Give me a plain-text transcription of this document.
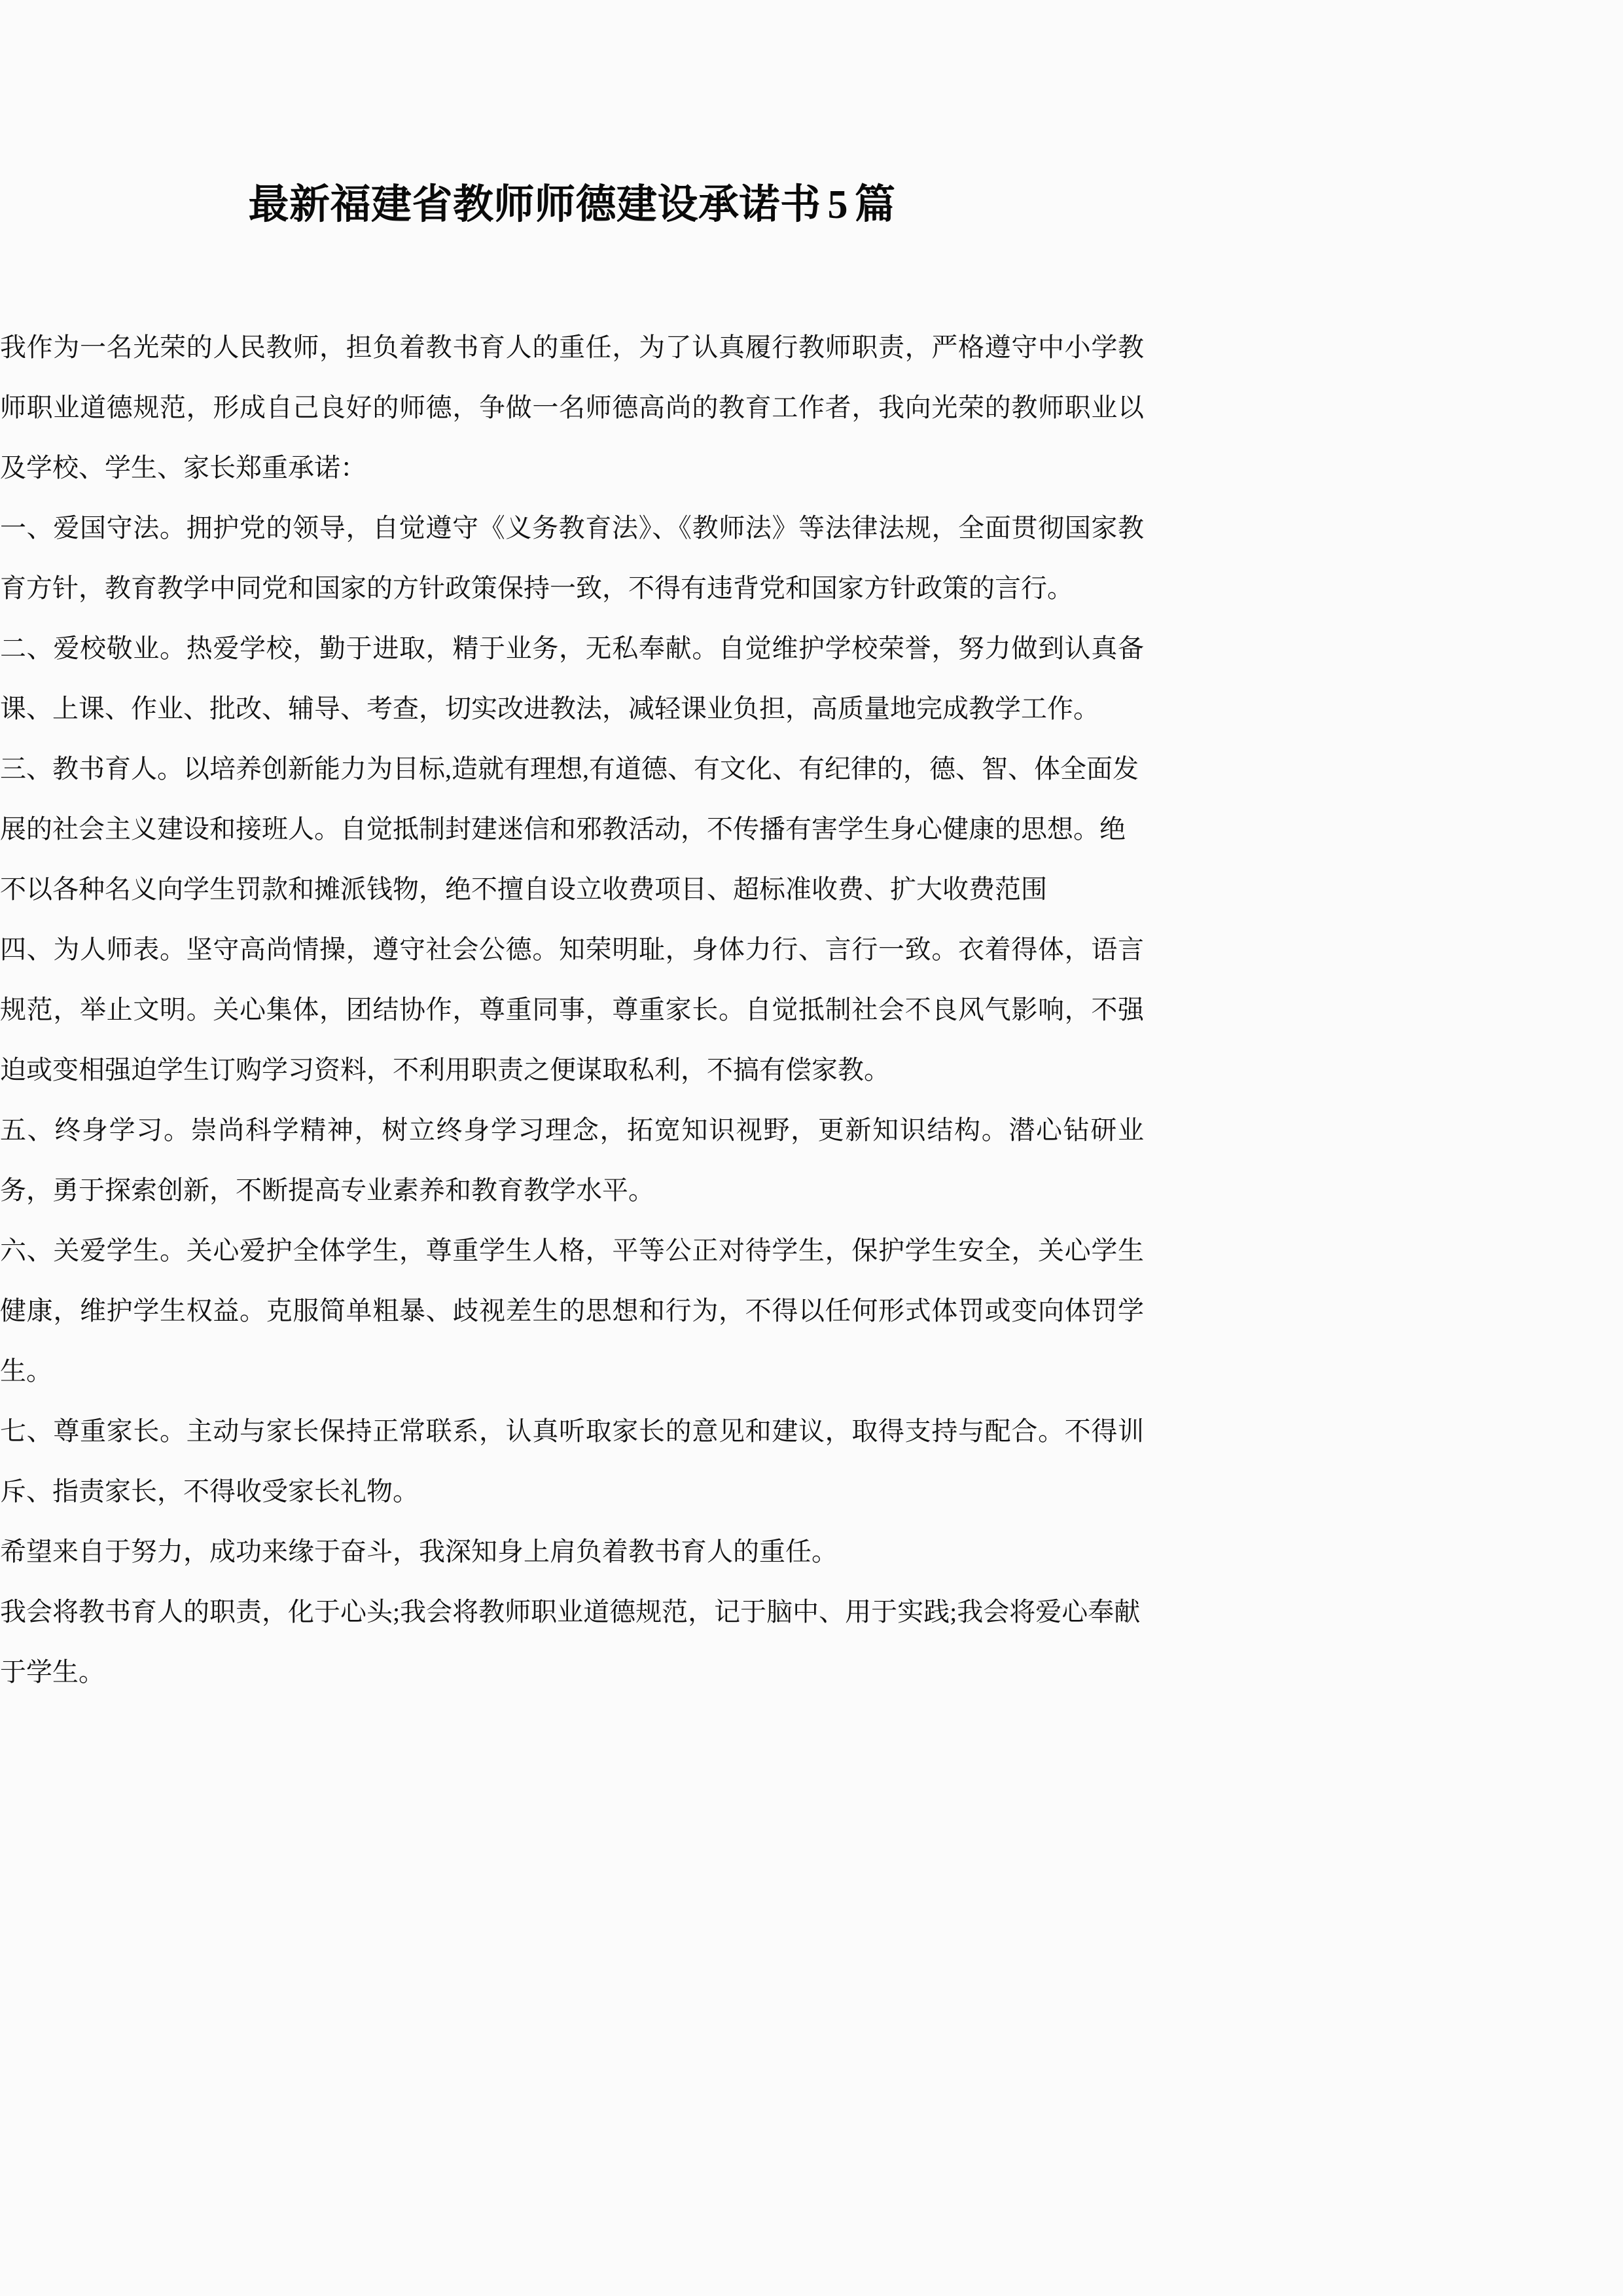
最新福建省教师师德建设承诺书 5 篇

我作为一名光荣的人民教师，担负着教书育人的重任，为了认真履行教师职责，严格遵守中小学教师职业道德规范，形成自己良好的师德，争做一名师德高尚的教育工作者，我向光荣的教师职业以及学校、学生、家长郑重承诺：

一、爱国守法。拥护党的领导，自觉遵守《义务教育法》、《教师法》等法律法规，全面贯彻国家教育方针，教育教学中同党和国家的方针政策保持一致，不得有违背党和国家方针政策的言行。

二、爱校敬业。热爱学校，勤于进取，精于业务，无私奉献。自觉维护学校荣誉，努力做到认真备课、上课、作业、批改、辅导、考查，切实改进教法，减轻课业负担，高质量地完成教学工作。

三、教书育人。以培养创新能力为目标,造就有理想,有道德、有文化、有纪律的，德、智、体全面发展的社会主义建设和接班人。自觉抵制封建迷信和邪教活动，不传播有害学生身心健康的思想。绝不以各种名义向学生罚款和摊派钱物，绝不擅自设立收费项目、超标准收费、扩大收费范围

四、为人师表。坚守高尚情操，遵守社会公德。知荣明耻，身体力行、言行一致。衣着得体，语言规范，举止文明。关心集体，团结协作，尊重同事，尊重家长。自觉抵制社会不良风气影响，不强迫或变相强迫学生订购学习资料，不利用职责之便谋取私利，不搞有偿家教。

五、终身学习。崇尚科学精神，树立终身学习理念，拓宽知识视野，更新知识结构。潜心钻研业务，勇于探索创新，不断提高专业素养和教育教学水平。

六、关爱学生。关心爱护全体学生，尊重学生人格，平等公正对待学生，保护学生安全，关心学生健康，维护学生权益。克服简单粗暴、歧视差生的思想和行为，不得以任何形式体罚或变向体罚学生。

七、尊重家长。主动与家长保持正常联系，认真听取家长的意见和建议，取得支持与配合。不得训斥、指责家长，不得收受家长礼物。

希望来自于努力，成功来缘于奋斗，我深知身上肩负着教书育人的重任。

我会将教书育人的职责，化于心头;我会将教师职业道德规范，记于脑中、用于实践;我会将爱心奉献于学生。
